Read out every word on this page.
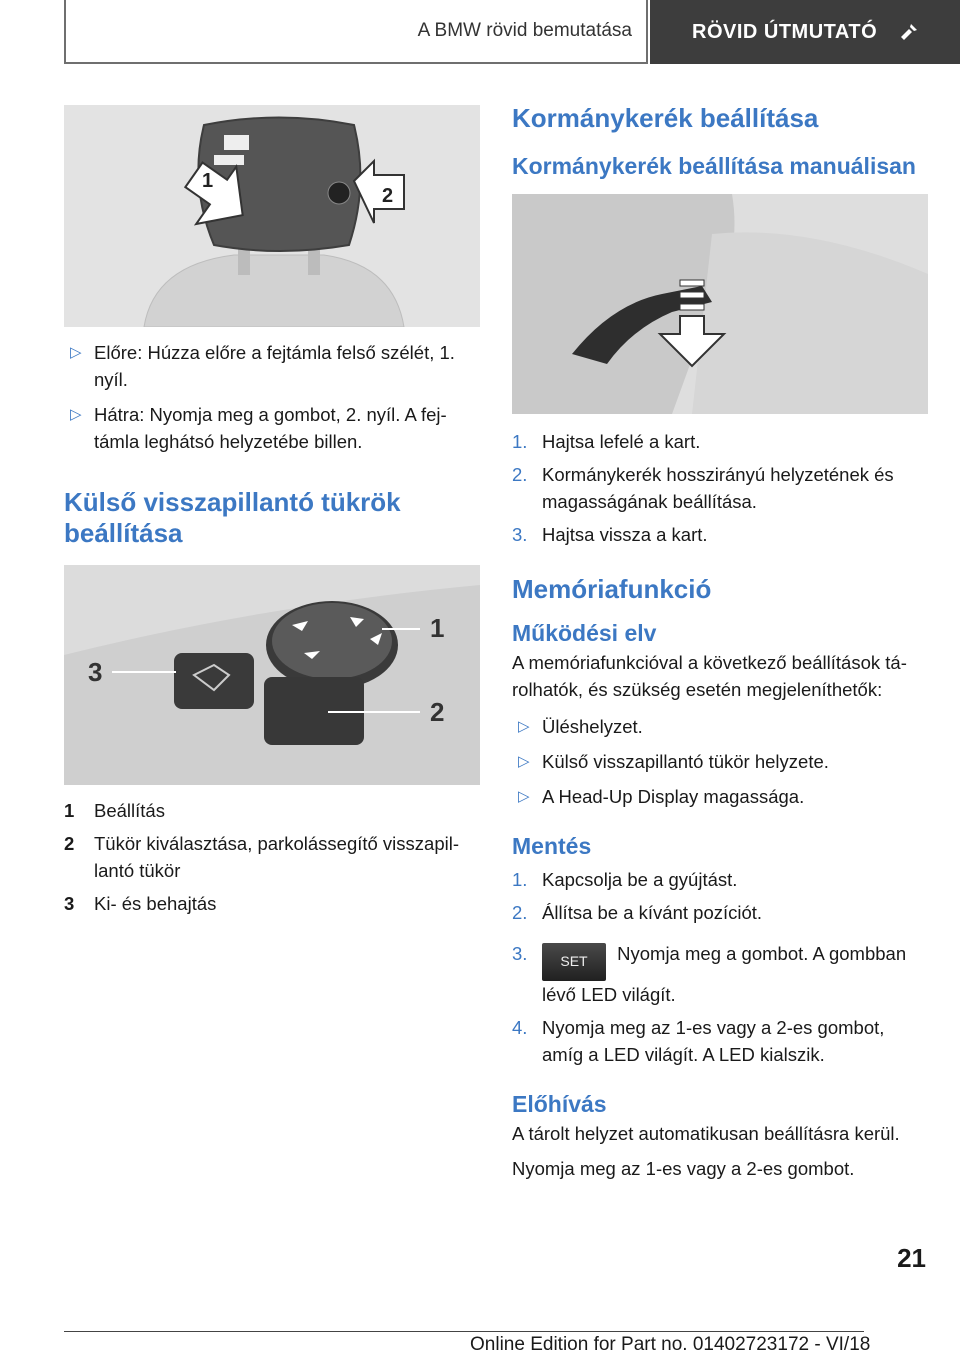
A BMW rövid bemutatása	RÖVID ÚTMUTATÓ
1
2
▷ Előre: Húzza előre a fejtámla felső szélét, 1. nyíl.
▷ Hátra: Nyomja meg a gombot, 2. nyíl. A fej-támla leghátsó helyzetébe billen.
Külső visszapillantó tükrök beállítása
1
2
3
1 Beállítás
2 Tükör kiválasztása, parkolássegítő visszapil-lantó tükör
3 Ki- és behajtás
Kormánykerék beállítása
Kormánykerék beállítása manuálisan
1. Hajtsa lefelé a kart.
2. Kormánykerék hosszirányú helyzetének és magasságának beállítása.
3. Hajtsa vissza a kart.
Memóriafunkció
Működési elv

A memóriafunkcióval a következő beállítások tá-rolhatók, és szükség esetén megjeleníthetők:

▷ Üléshelyzet.
▷ Külső visszapillantó tükör helyzete.
▷ A Head-Up Display magassága.
Mentés
1. Kapcsolja be a gyújtást.
2. Állítsa be a kívánt pozíciót.
3. SET Nyomja meg a gombot. A gombban lévő LED világít.
4. Nyomja meg az 1-es vagy a 2-es gombot, amíg a LED világít. A LED kialszik.
Előhívás

A tárolt helyzet automatikusan beállításra kerül.

Nyomja meg az 1-es vagy a 2-es gombot.

21
Online Edition for Part no. 01402723172 - VI/18
